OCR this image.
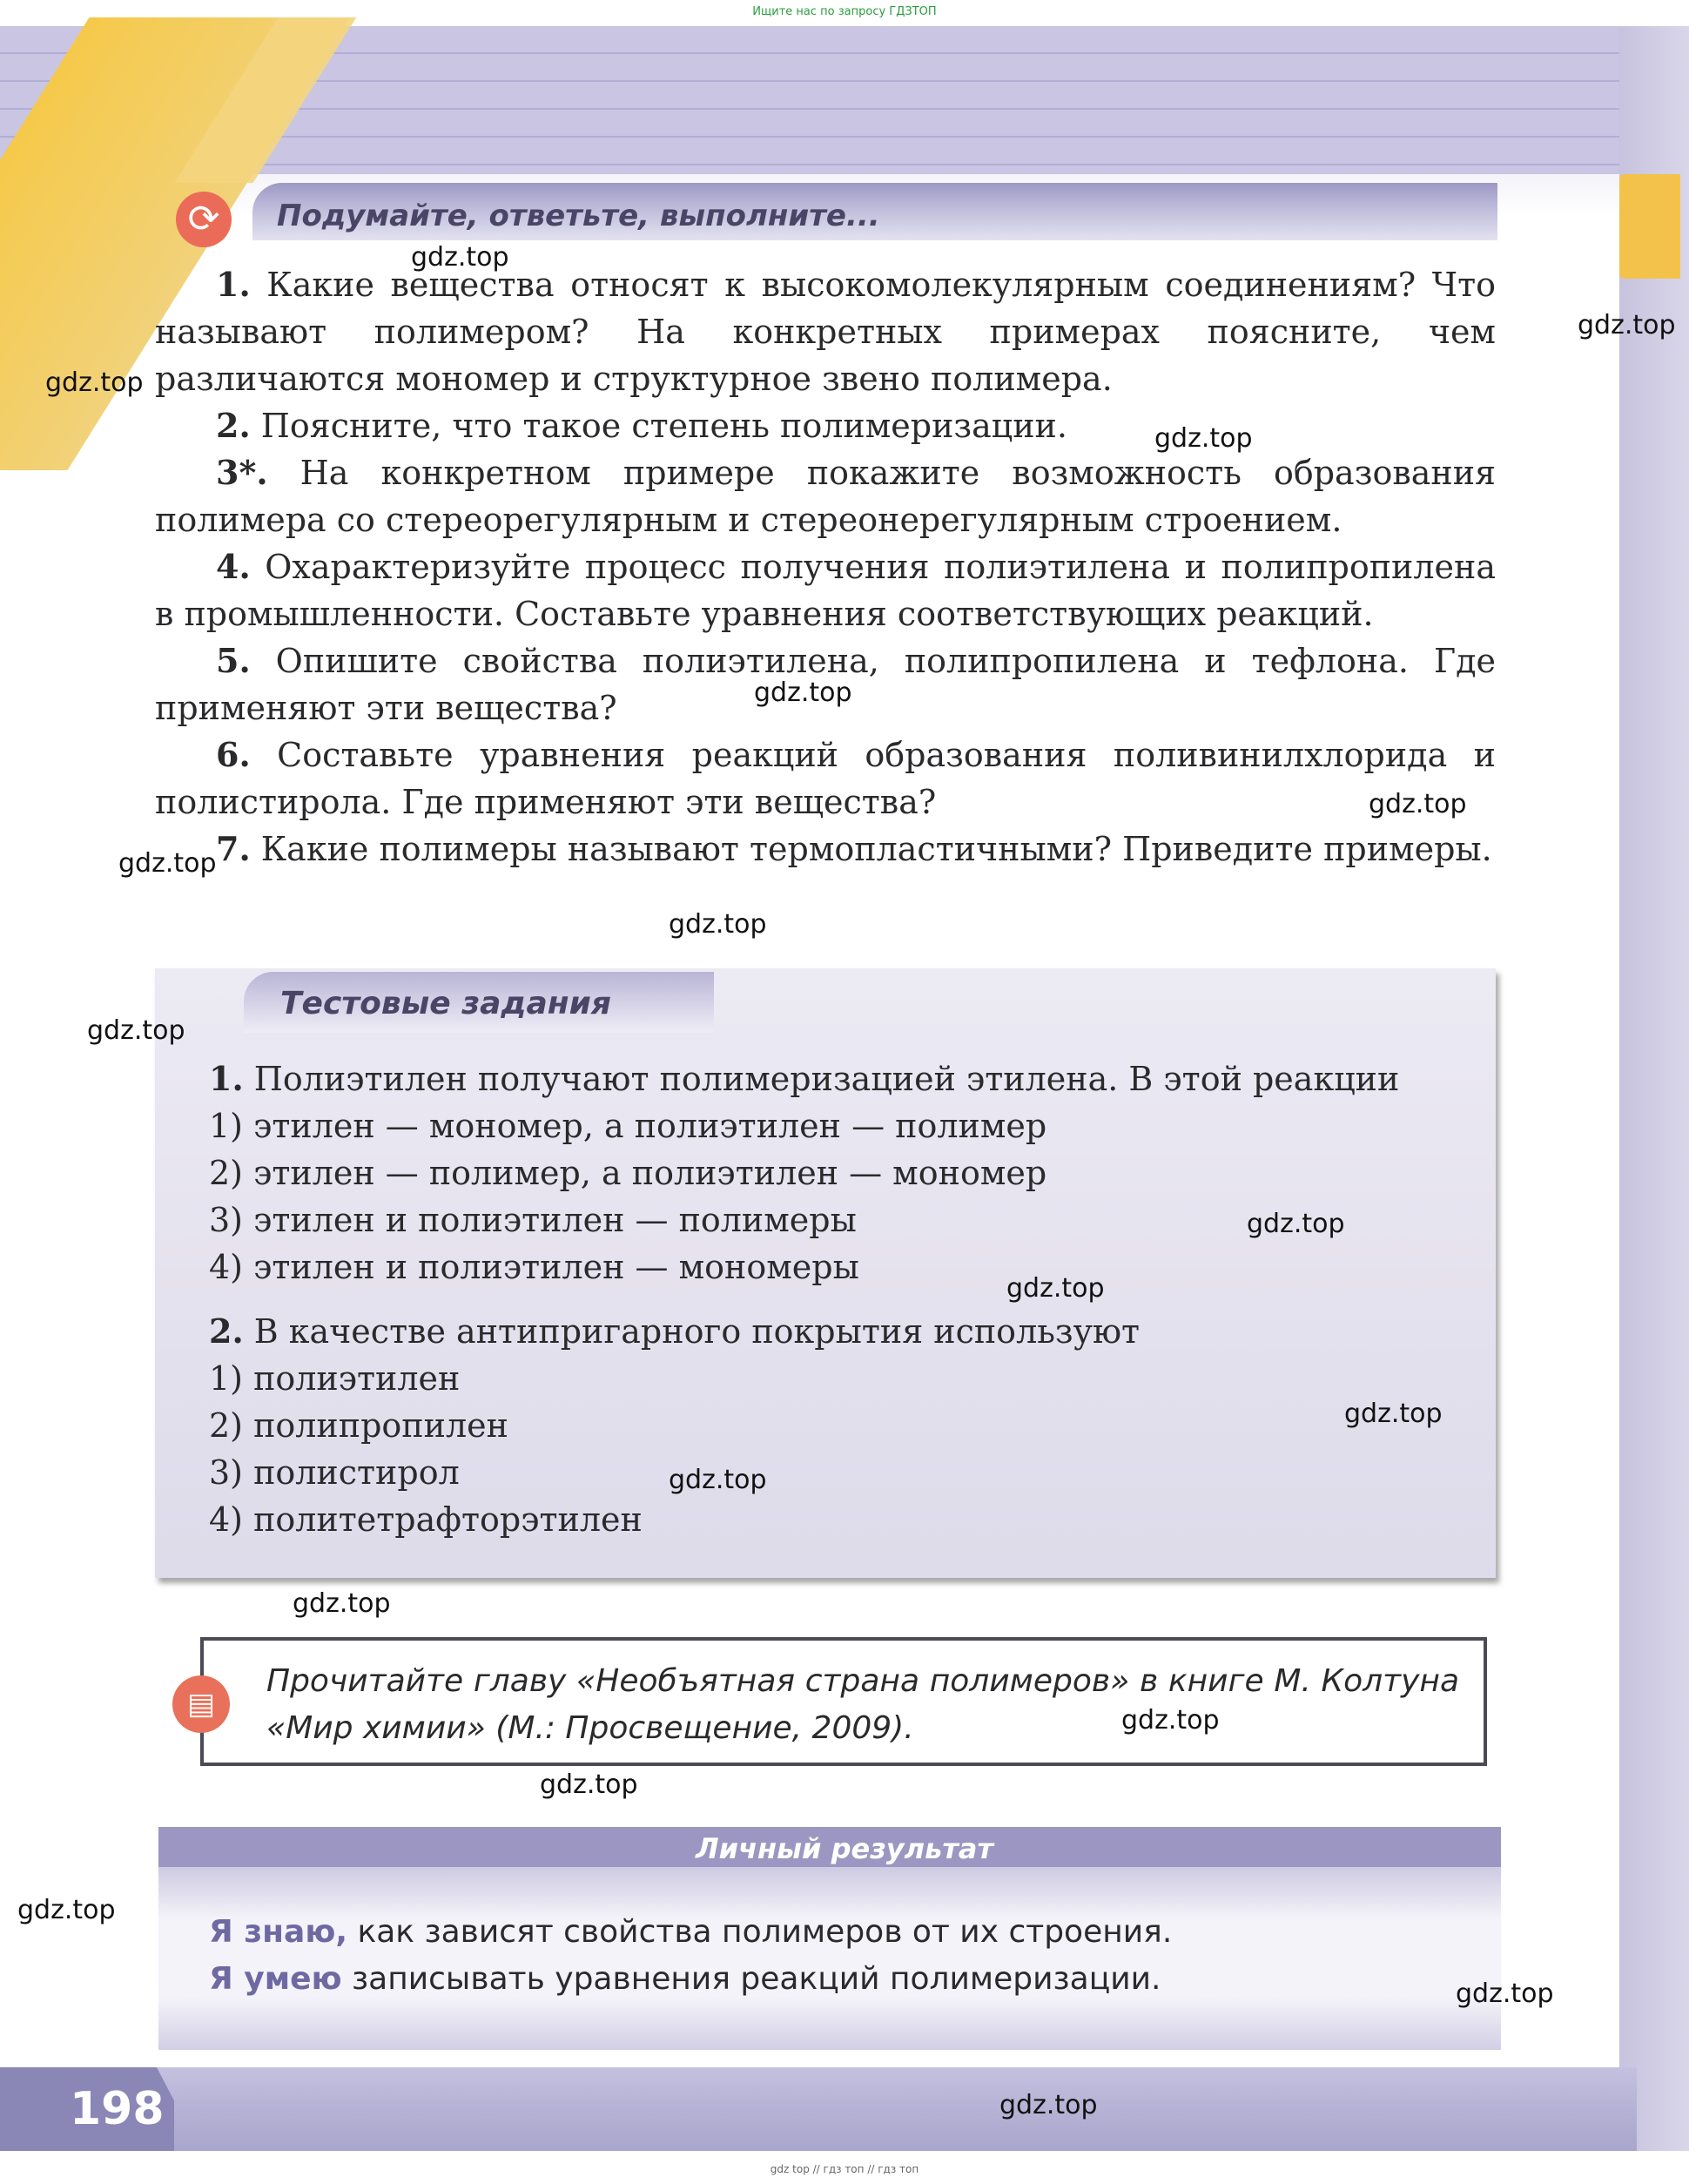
Ищите нас по запросу ГДЗТОП
⟳	Подумайте, ответьте, выполните...

1. Какие вещества относят к высокомолекулярным соединениям? Что называют полимером? На конкретных примерах поясните, чем различаются мономер и структурное звено полимера.

2. Поясните, что такое степень полимеризации.

3*. На конкретном примере покажите возможность образования полимера со стереорегулярным и стереонерегулярным строением.

4. Охарактеризуйте процесс получения полиэтилена и полипропилена в промышленности. Составьте уравнения соответствующих реакций.

5. Опишите свойства полиэтилена, полипропилена и тефлона. Где применяют эти вещества?

6. Составьте уравнения реакций образования поливинилхлорида и полистирола. Где применяют эти вещества?

7. Какие полимеры называют термопластичными? Приведите примеры.

Тестовые задания

1. Полиэтилен получают полимеризацией этилена. В этой реакции

1) этилен — мономер, а полиэтилен — полимер

2) этилен — полимер, а полиэтилен — мономер

3) этилен и полиэтилен — полимеры

4) этилен и полиэтилен — мономеры

2. В качестве антипригарного покрытия используют

1) полиэтилен

2) полипропилен

3) полистирол

4) политетрафторэтилен

▤
Прочитайте главу «Необъятная страна полимеров» в книге М. Колтуна «Мир химии» (М.: Просвещение, 2009).
Личный результат
Я знаю, как зависят свойства полимеров от их строения.
Я умею записывать уравнения реакций полимеризации.
198
gdz.top
gdz.top
gdz.top
gdz.top
gdz.top
gdz.top
gdz.top
gdz.top
gdz.top
gdz.top
gdz.top
gdz.top
gdz.top
gdz.top
gdz.top
gdz.top
gdz.top
gdz.top
gdz.top
gdz top // гдз топ // гдз топ
